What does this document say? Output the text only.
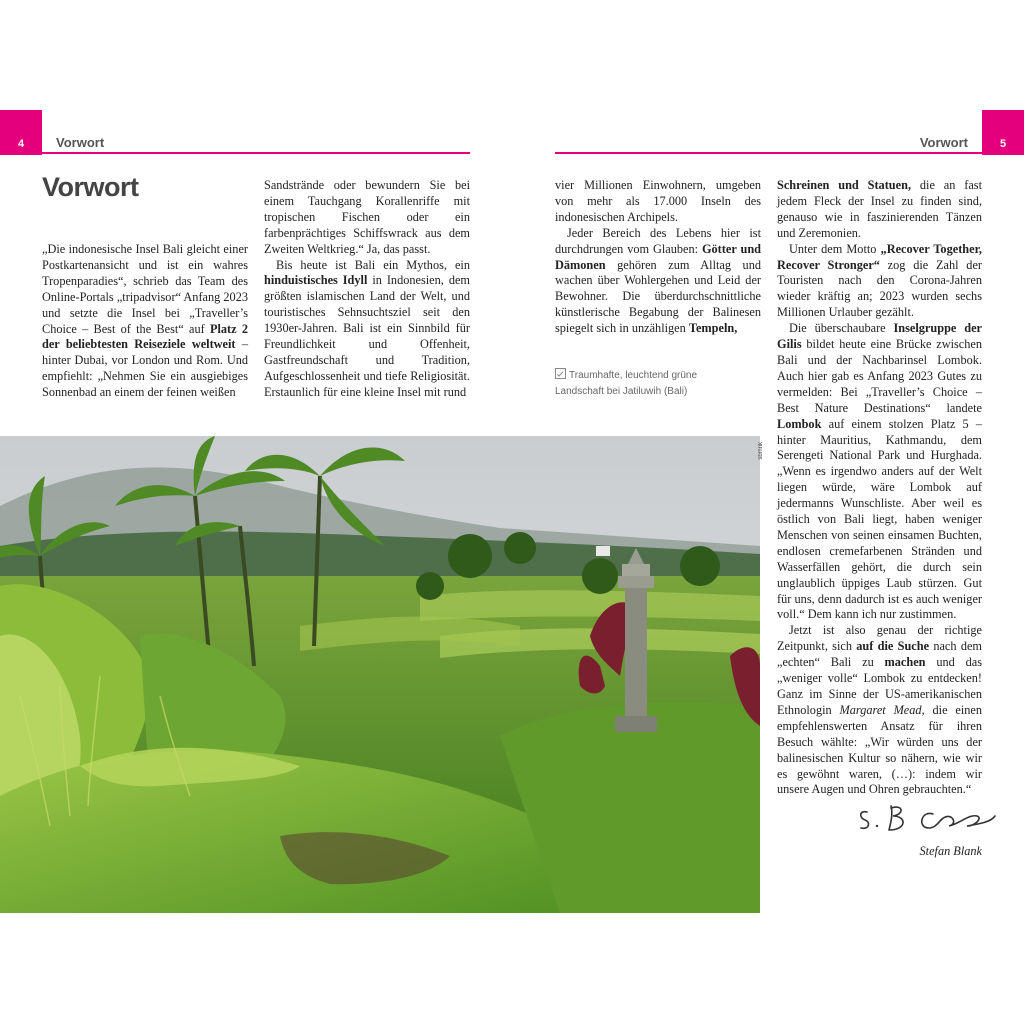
4 Vorwort	5
Vorwort
Vorwort

„Die indonesische Insel Bali gleicht einer Postkartenansicht und ist ein wahres Tropenparadies“, schrieb das Team des Online-Portals „tripadvisor“ Anfang 2023 und setzte die Insel bei „Traveller’s Choice – Best of the Best“ auf Platz 2 der beliebtesten Reiseziele weltweit – hinter Dubai, vor London und Rom. Und empfiehlt: „Nehmen Sie ein ausgiebiges Sonnenbad an einem der feinen weißen

Sandstrände oder bewundern Sie bei einem Tauchgang Korallenriffe mit tropischen Fischen oder ein farbenprächtiges Schiffswrack aus dem Zweiten Weltkrieg.“ Ja, das passt.

Bis heute ist Bali ein Mythos, ein hinduistisches Idyll in Indonesien, dem größten islamischen Land der Welt, und touristisches Sehnsuchtsziel seit den 1930er-Jahren. Bali ist ein Sinnbild für Freundlichkeit und Offenheit, Gastfreundschaft und Tradition, Aufgeschlossenheit und tiefe Religiosität. Erstaunlich für eine kleine Insel mit rund

vier Millionen Einwohnern, umgeben von mehr als 17.000 Inseln des indonesischen Archipels.

Jeder Bereich des Lebens hier ist durchdrungen vom Glauben: Götter und Dämonen gehören zum Alltag und wachen über Wohlergehen und Leid der Bewohner. Die überdurchschnittliche künstlerische Begabung der Balinesen spiegelt sich in unzähligen Tempeln,

Traumhafte, leuchtend grüne Landschaft bei Jatiluwih (Bali)

Schreinen und Statuen, die an fast jedem Fleck der Insel zu finden sind, genauso wie in faszinierenden Tänzen und Zeremonien.

Unter dem Motto „Recover Together, Recover Stronger“ zog die Zahl der Touristen nach den Corona-Jahren wieder kräftig an; 2023 wurden sechs Millionen Urlauber gezählt.

Die überschaubare Inselgruppe der Gilis bildet heute eine Brücke zwischen Bali und der Nachbarinsel Lombok. Auch hier gab es Anfang 2023 Gutes zu vermelden: Bei „Traveller’s Choice – Best Nature Destinations“ landete Lombok auf einem stolzen Platz 5 – hinter Mauritius, Kathmandu, dem Serengeti National Park und Hurghada. „Wenn es irgendwo anders auf der Welt liegen würde, wäre Lombok auf jedermanns Wunschliste. Aber weil es östlich von Bali liegt, haben weniger Menschen von seinen einsamen Buchten, endlosen cremefarbenen Stränden und Wasserfällen gehört, die durch sein unglaublich üppiges Laub stürzen. Gut für uns, denn dadurch ist es auch weniger voll.“ Dem kann ich nur zustimmen.

Jetzt ist also genau der richtige Zeitpunkt, sich auf die Suche nach dem „echten“ Bali zu machen und das „weniger volle“ Lombok zu entdecken! Ganz im Sinne der US-amerikanischen Ethnologin Margaret Mead, die einen empfehlenswerten Ansatz für ihren Besuch wählte: „Wir würden uns der balinesischen Kultur so nähern, wie wir es gewöhnt waren, (…): indem wir unsere Augen und Ohren gebrauchten.“

Stefan Blank
sbmnk
